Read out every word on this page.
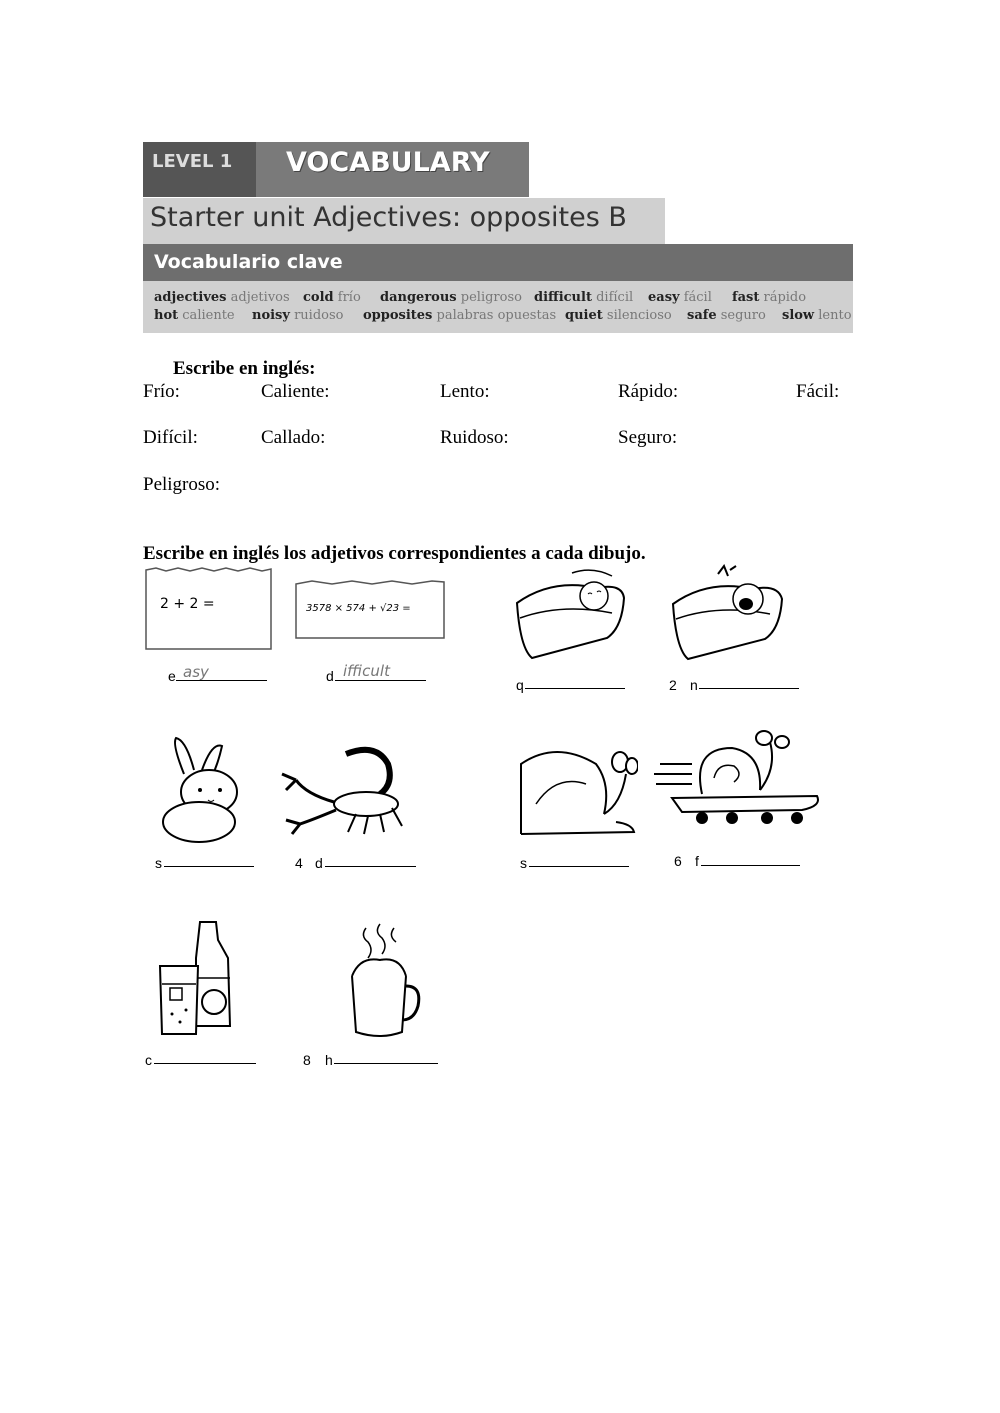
LEVEL 1	VOCABULARY
Starter unit Adjectives: opposites B
Vocabulario clave
adjectives adjetivos cold frío dangerous peligroso difficult difícil easy fácil fast rápido
hot caliente noisy ruidoso opposites palabras opuestas quiet silencioso safe seguro slow lento
Escribe en inglés:
Frío:	Caliente:	Lento:	Rápido:	Fácil:
Difícil:	Callado:	Ruidoso:	Seguro:
Peligroso:
Escribe en inglés los adjetivos correspondientes a cada dibujo.
2 + 2 =	3578 × 574 + √23 =
e asy	d ifficult
q	2 n
s	4 d	s	6 f
c	8 h
